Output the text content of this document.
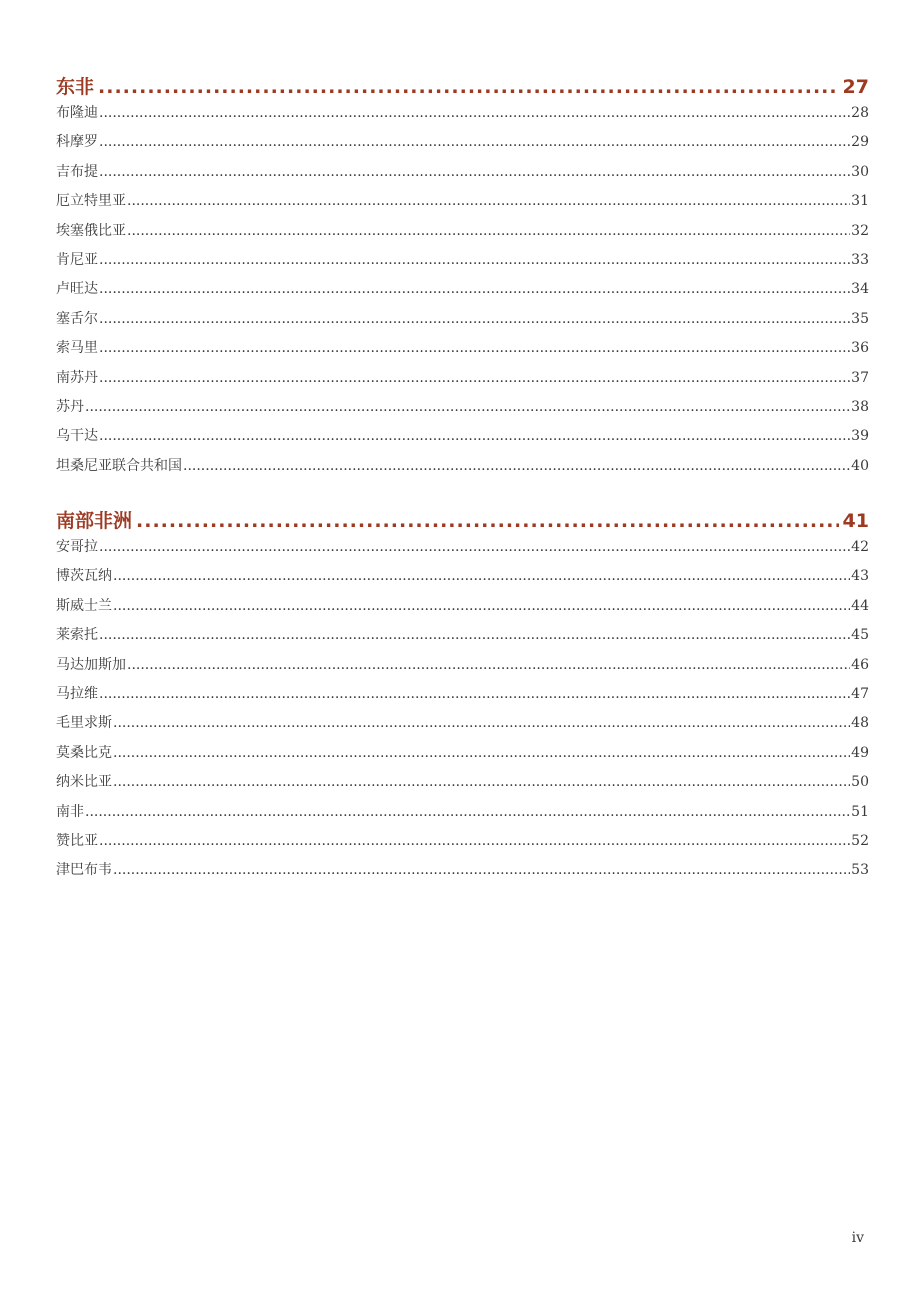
东非 .....	27
布隆迪 .....	28
科摩罗 .....	29
吉布提 .....	30
厄立特里亚 .....	31
埃塞俄比亚 .....	32
肯尼亚 .....	33
卢旺达 .....	34
塞舌尔 .....	35
索马里 .....	36
南苏丹 .....	37
苏丹 .....	38
乌干达 .....	39
坦桑尼亚联合共和国 .....	40
南部非洲 .....	41
安哥拉 .....	42
博茨瓦纳 .....	43
斯威士兰 .....	44
莱索托 .....	45
马达加斯加 .....	46
马拉维 .....	47
毛里求斯 .....	48
莫桑比克 .....	49
纳米比亚 .....	50
南非 .....	51
赞比亚 .....	52
津巴布韦 .....	53
iv
